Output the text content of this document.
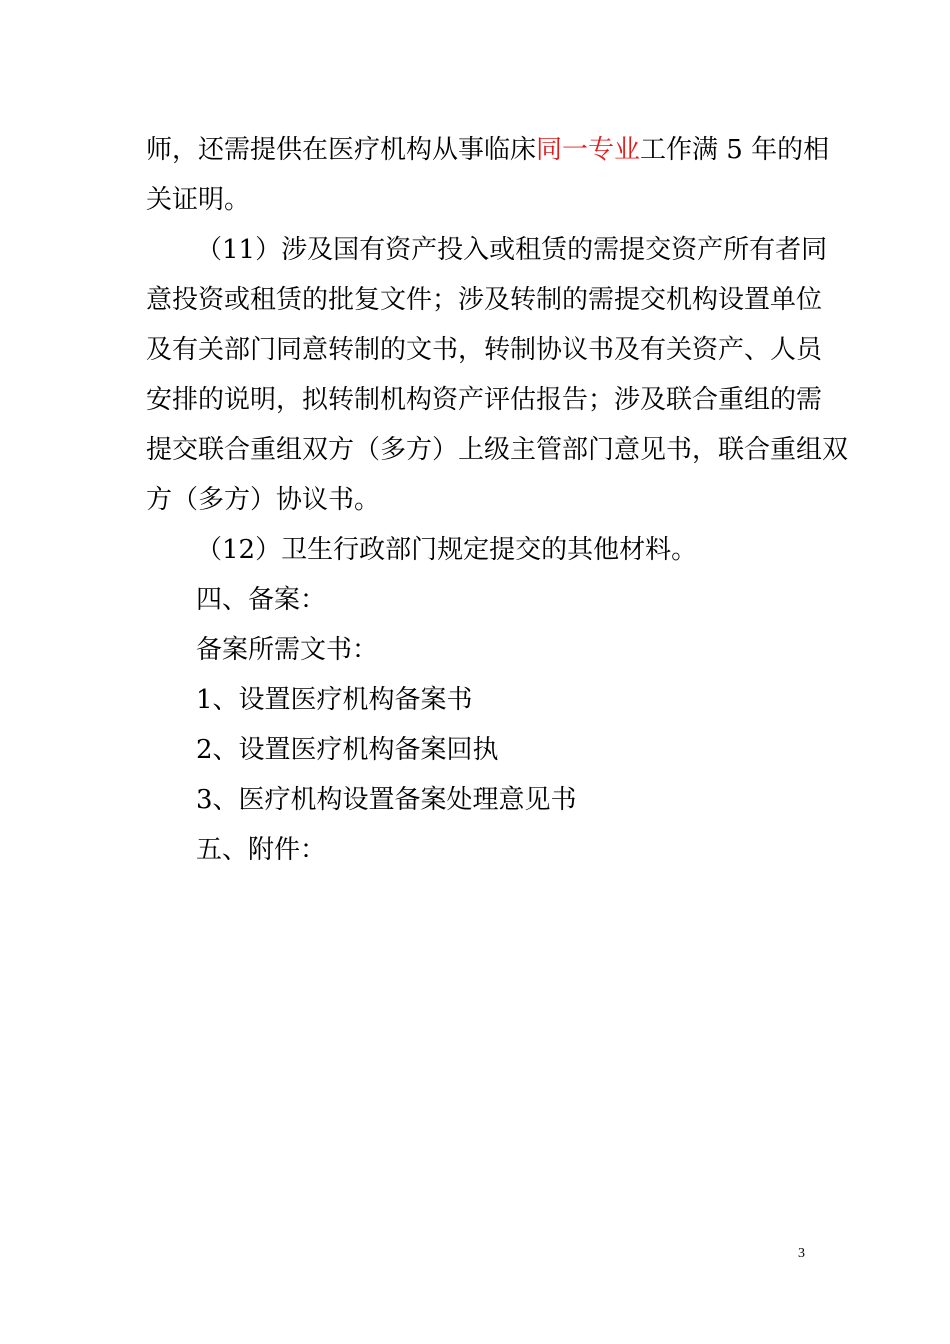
师，还需提供在医疗机构从事临床同一专业工作满 5 年的相
关证明。
（11）涉及国有资产投入或租赁的需提交资产所有者同
意投资或租赁的批复文件；涉及转制的需提交机构设置单位
及有关部门同意转制的文书，转制协议书及有关资产、人员
安排的说明，拟转制机构资产评估报告；涉及联合重组的需
提交联合重组双方（多方）上级主管部门意见书，联合重组双
方（多方）协议书。
（12）卫生行政部门规定提交的其他材料。
四、备案：
备案所需文书：
1、设置医疗机构备案书
2、设置医疗机构备案回执
3、医疗机构设置备案处理意见书
五、附件：
3
